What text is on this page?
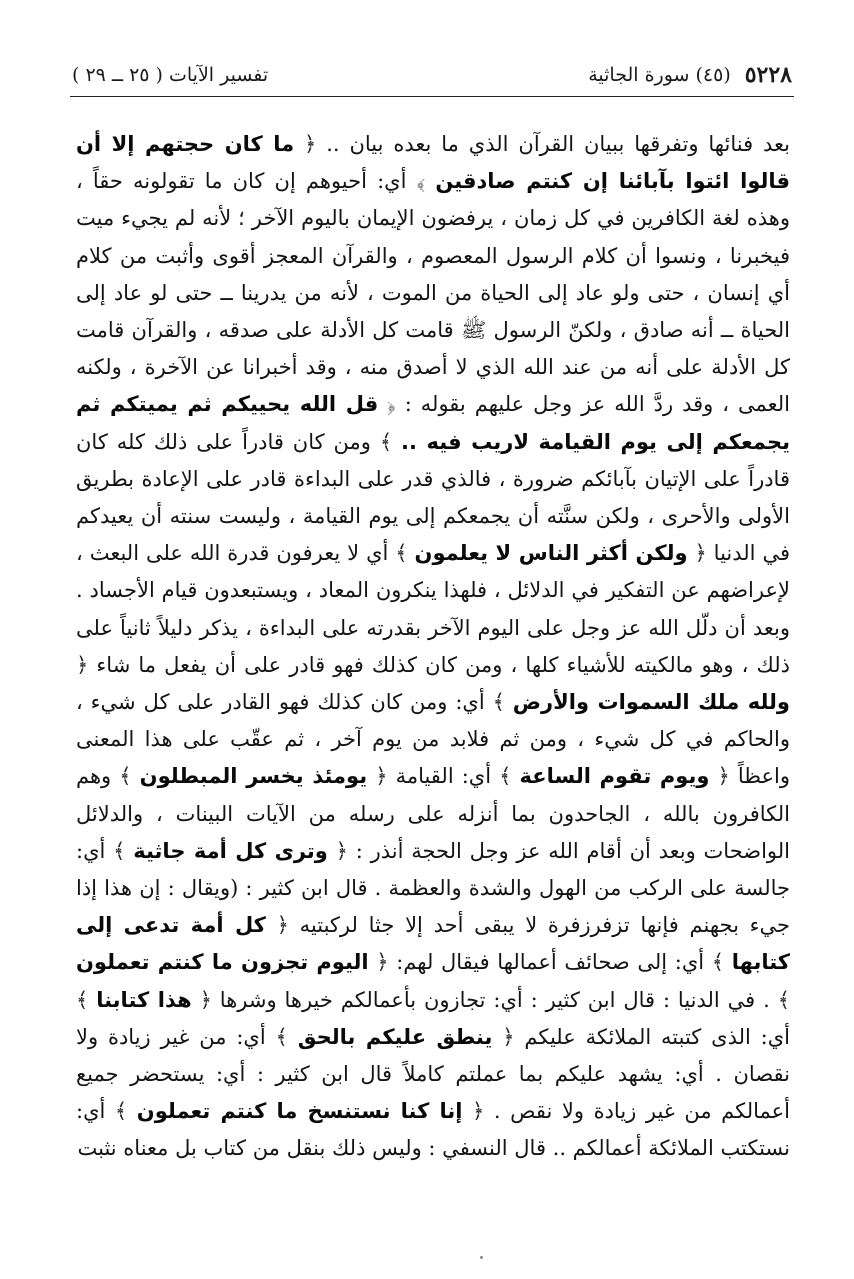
٥٢٢٨
(٤٥) سورة الجاثية
تفسير الآيات ( ٢٥ ــ ٢٩ )

بعد فنائها وتفرقها ببيان القرآن الذي ما بعده بيان .. ﴿ ما كان حجتهم إلا أن قالوا ائتوا بآبائنا إن كنتم صادقين ﴾ أي: أحيوهم إن كان ما تقولونه حقاً ، وهذه لغة الكافرين في كل زمان ، يرفضون الإيمان باليوم الآخر ؛ لأنه لم يجيء ميت فيخبرنا ، ونسوا أن كلام الرسول المعصوم ، والقرآن المعجز أقوى وأثبت من كلام أي إنسان ، حتى ولو عاد إلى الحياة من الموت ، لأنه من يدرينا ــ حتى لو عاد إلى الحياة ــ أنه صادق ، ولكنّ الرسول ﷺ قامت كل الأدلة على صدقه ، والقرآن قامت كل الأدلة على أنه من عند الله الذي لا أصدق منه ، وقد أخبرانا عن الآخرة ، ولكنه العمى ، وقد ردَّ الله عز وجل عليهم بقوله : ﴿ قل الله يحييكم ثم يميتكم ثم يجمعكم إلى يوم القيامة لاريب فيه .. ﴾ ومن كان قادراً على ذلك كله كان قادراً على الإتيان بآبائكم ضرورة ، فالذي قدر على البداءة قادر على الإعادة بطريق الأولى والأحرى ، ولكن سنَّته أن يجمعكم إلى يوم القيامة ، وليست سنته أن يعيدكم في الدنيا ﴿ ولكن أكثر الناس لا يعلمون ﴾ أي لا يعرفون قدرة الله على البعث ، لإعراضهم عن التفكير في الدلائل ، فلهذا ينكرون المعاد ، ويستبعدون قيام الأجساد . وبعد أن دلّل الله عز وجل على اليوم الآخر بقدرته على البداءة ، يذكر دليلاً ثانياً على ذلك ، وهو مالكيته للأشياء كلها ، ومن كان كذلك فهو قادر على أن يفعل ما شاء ﴿ ولله ملك السموات والأرض ﴾ أي: ومن كان كذلك فهو القادر على كل شيء ، والحاكم في كل شيء ، ومن ثم فلابد من يوم آخر ، ثم عقّب على هذا المعنى واعظاً ﴿ ويوم تقوم الساعة ﴾ أي: القيامة ﴿ يومئذ يخسر المبطلون ﴾ وهم الكافرون بالله ، الجاحدون بما أنزله على رسله من الآيات البينات ، والدلائل الواضحات وبعد أن أقام الله عز وجل الحجة أنذر : ﴿ وترى كل أمة جاثية ﴾ أي: جالسة على الركب من الهول والشدة والعظمة . قال ابن كثير : (ويقال : إن هذا إذا جيء بجهنم فإنها تزفرزفرة لا يبقى أحد إلا جثا لركبتيه ﴿ كل أمة تدعى إلى كتابها ﴾ أي: إلى صحائف أعمالها فيقال لهم: ﴿ اليوم تجزون ما كنتم تعملون ﴾ . في الدنيا : قال ابن كثير : أي: تجازون بأعمالكم خيرها وشرها ﴿ هذا كتابنا ﴾ أي: الذى كتبته الملائكة عليكم ﴿ ينطق عليكم بالحق ﴾ أي: من غير زيادة ولا نقصان . أي: يشهد عليكم بما عملتم كاملاً قال ابن كثير : أي: يستحضر جميع أعمالكم من غير زيادة ولا نقص . ﴿ إنا كنا نستنسخ ما كنتم تعملون ﴾ أي: نستكتب الملائكة أعمالكم .. قال النسفي : وليس ذلك بنقل من كتاب بل معناه نثبت
